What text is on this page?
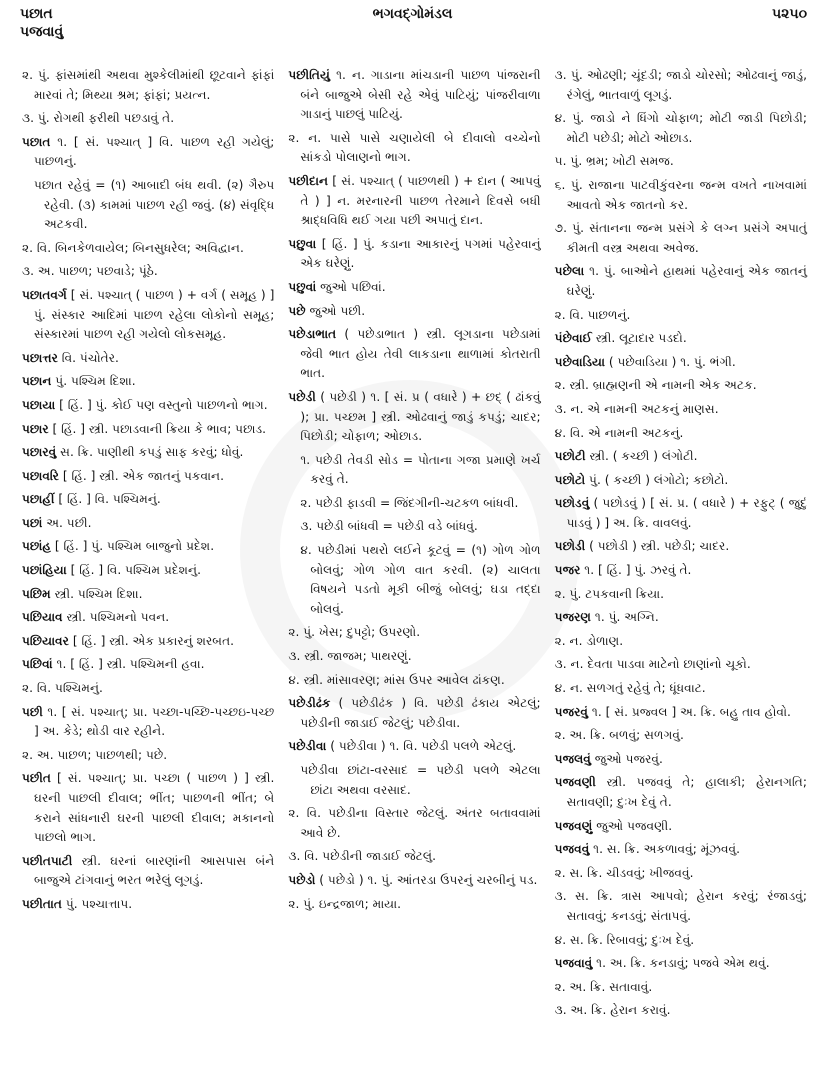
પછાત
પજવાવું
ભગવદ્ગોમંડલ	૫૨૫૦

૨. પું. ફાંસમાંથી અથવા મુશ્કેલીમાંથી છૂટવાને ફાંફાં મારવાં તે; મિથ્યા શ્રમ; ફાંફાં; પ્રયત્ન.

૩. પું. રોગથી ફરીથી પછડાવું તે.

પછાત ૧. [ સં. પશ્ચાત્ ] વિ. પાછળ રહી ગયેલું; પાછળનું.

પછાત રહેવું = (૧) આબાદી બંધ થવી. (૨) ગૈરુપ રહેવી. (૩) કામમાં પાછળ રહી જવું. (૪) સંવૃદ્ધિ અટકવી.

૨. વિ. બિનકેળવાયેલ; બિનસુધરેલ; અવિદ્વાન.

૩. અ. પાછળ; પછવાડે; પૂંઠે.

પછાતવર્ગ [ સં. પશ્ચાત્ ( પાછળ ) + વર્ગ ( સમૂહ ) ] પું. સંસ્કાર આદિમાં પાછળ રહેલા લોકોનો સમૂહ; સંસ્કારમાં પાછળ રહી ગયેલો લોકસમૂહ.

પછાત્તર વિ. પંચોતેર.

પછાન પું. પશ્ચિમ દિશા.

પછાયા [ હિં. ] પું. કોઈ પણ વસ્તુનો પાછળનો ભાગ.

પછાર [ હિં. ] સ્ત્રી. પછાડવાની ક્રિયા કે ભાવ; પછાડ.

પછારવું સ. ક્રિ. પાણીથી કપડું સાફ કરવું; ધોવું.

પછાવરિ [ હિં. ] સ્ત્રી. એક જાતનું પકવાન.

પછાહીં [ હિં. ] વિ. પશ્ચિમનું.

પછાં અ. પછી.

પછાંહ [ હિં. ] પું. પશ્ચિમ બાજુનો પ્રદેશ.

પછાંહિયા [ હિં. ] વિ. પશ્ચિમ પ્રદેશનું.

પછિમ સ્ત્રી. પશ્ચિમ દિશા.

પછિયાવ સ્ત્રી. પશ્ચિમનો પવન.

પછિયાવર [ હિં. ] સ્ત્રી. એક પ્રકારનું શરબત.

પછિવાં ૧. [ હિં. ] સ્ત્રી. પશ્ચિમની હવા.

૨. વિ. પશ્ચિમનું.

પછી ૧. [ સં. પશ્ચાત્; પ્રા. પચ્છા-પચ્છિ-પચ્છઇ-પચ્છ ] અ. કેડે; થોડી વાર રહીને.

૨. અ. પાછળ; પાછળથી; પછે.

પછીત [ સં. પશ્ચાત્; પ્રા. પચ્છા ( પાછળ ) ] સ્ત્રી. ઘરની પાછલી દીવાલ; ભીંત; પાછળની ભીંત; બે કરાને સાંધનારી ઘરની પાછલી દીવાલ; મકાનનો પાછલો ભાગ.

પછીતપાટી સ્ત્રી. ઘરનાં બારણાંની આસપાસ બંને બાજુએ ટાંગવાનું ભરત ભરેલું લૂગડું.

પછીતાત પું. પશ્ચાત્તાપ.

પછીતિયું ૧. ન. ગાડાના માંચડાની પાછળ પાંજરાની બંને બાજુએ બેસી રહે એવું પાટિયું; પાંજરીવાળા ગાડાનું પાછલું પાટિયું.

૨. ન. પાસે પાસે ચણાયેલી બે દીવાલો વચ્ચેનો સાંકડો પોલાણનો ભાગ.

પછીદાન [ સં. પશ્ચાત્ ( પાછળથી ) + દાન ( આપવું તે ) ] ન. મરનારની પાછળ તેરમાને દિવસે બધી શ્રાદ્ધવિધિ થઈ ગયા પછી અપાતું દાન.

પછુવા [ હિં. ] પું. કડાના આકારનું પગમાં પહેરવાનું એક ઘરેણું.

પછુવાં જુઓ પછિવાં.

પછે જુઓ પછી.

પછેડાભાત ( પછેડાભાત ) સ્ત્રી. લૂગડાના પછેડામાં જેવી ભાત હોય તેવી લાકડાના થાળામાં કોતરાતી ભાત.

પછેડી ( પછેડી ) ૧. [ સં. પ્ર ( વધારે ) + છદ્ ( ઢાંકવું ); પ્રા. પચ્છમ ] સ્ત્રી. ઓઢવાનું જાડું કપડું; ચાદર; પિછોડી; ચોફાળ; ઓછાડ.

૧. પછેડી તેવડી સોડ = પોતાના ગજા પ્રમાણે ખર્ચ કરવું તે.

૨. પછેડી ફાડવી = જિંદગીની-ચટકળ બાંધવી.

૩. પછેડી બાંધવી = પછેડી વડે બાંધવું.

૪. પછેડીમાં પથરો લઈને કૂટવું = (૧) ગોળ ગોળ બોલવું; ગોળ ગોળ વાત કરવી. (૨) ચાલતા વિષયને પડતો મૂકી બીજું બોલવું; ઘડા તદ્દા બોલવું.

૨. પું. ખેસ; દુપટ્ટો; ઉપરણો.

૩. સ્ત્રી. જાજમ; પાથરણું.

૪. સ્ત્રી. માંસાવરણ; માંસ ઉપર આવેલ ઢાંકણ.

પછેડીઢંક ( પછેડીઢંક ) વિ. પછેડી ઢંકાય એટલું; પછેડીની જાડાઈ જેટલું; પછેડીવા.

પછેડીવા ( પછેડીવા ) ૧. વિ. પછેડી પલળે એટલું.

પછેડીવા છાંટા-વરસાદ = પછેડી પલળે એટલા છાંટા અથવા વરસાદ.

૨. વિ. પછેડીના વિસ્તાર જેટલું. અંતર બતાવવામાં આવે છે.

૩. વિ. પછેડીની જાડાઈ જેટલું.

પછેડો ( પછેડો ) ૧. પું. આંતરડા ઉપરનું ચરબીનું પડ.

૨. પું. ઇન્દ્રજાળ; માયા.

૩. પું. ઓઢણી; ચૂંદડી; જાડો ચોરસો; ઓઢવાનું જાડું, રંગેલું, ભાતવાળું લૂગડું.

૪. પું. જાડો ને ધિંગો ચોફાળ; મોટી જાડી પિછોડી; મોટી પછેડી; મોટો ઓછાડ.

૫. પું. ભ્રમ; ખોટી સમજ.

૬. પું. રાજાના પાટવીકુંવરના જન્મ વખતે નાખવામાં આવતો એક જાતનો કર.

૭. પું. સંતાનના જન્મ પ્રસંગે કે લગ્ન પ્રસંગે અપાતું કીમતી વસ્ત્ર અથવા અવેજ.

પછેલા ૧. પું. બાઓને હાથમાં પહેરવાનું એક જાતનું ઘરેણું.

૨. વિ. પાછળનું.

પંછેવાઈ સ્ત્રી. લૂટાદાર પડદો.

પછેવાડિયા ( પછેવાડિયા ) ૧. પું. ભંગી.

૨. સ્ત્રી. બ્રાહ્મણની એ નામની એક અટક.

૩. ન. એ નામની અટકનું માણસ.

૪. વિ. એ નામની અટકનું.

પછોટી સ્ત્રી. ( કચ્છી ) લંગોટી.

પછોટો પું. ( કચ્છી ) લંગોટો; કછોટો.

પછોડવું ( પછોડવું ) [ સં. પ્ર. ( વધારે ) + રફુટ્ ( જુદું પાડવું ) ] અ. ક્રિ. વાવલવું.

પછોડી ( પછોડી ) સ્ત્રી. પછેડી; ચાદર.

પજર ૧. [ હિં. ] પું. ઝરવું તે.

૨. પું. ટપકવાની ક્રિયા.

પજરણ ૧. પું. અગ્નિ.

૨. ન. ડોળાણ.

૩. ન. દેવતા પાડવા માટેનો છાણાંનો ચૂકો.

૪. ન. સળગતું રહેવું તે; ધૂંધવાટ.

પજરવું ૧. [ સં. પ્રજ્વલ ] અ. ક્રિ. બહુ તાવ હોવો.

૨. અ. ક્રિ. બળવું; સળગવું.

પજલવું જુઓ પજરવું.

પજવણી સ્ત્રી. પજવવું તે; હાલાકી; હેરાનગતિ; સતાવણી; દુઃખ દેવું તે.

પજવણું જુઓ પજવણી.

પજવવું ૧. સ. ક્રિ. અકળાવવું; મૂંઝવવું.

૨. સ. ક્રિ. ચીડવવું; ખીજવવું.

૩. સ. ક્રિ. ત્રાસ આપવો; હેરાન કરવું; રંજાડવું; સતાવવું; કનડવું; સંતાપવું.

૪. સ. ક્રિ. રિબાવવું; દુઃખ દેવું.

પજવાવું ૧. અ. ક્રિ. કનડાવું; પજવે એમ થવું.

૨. અ. ક્રિ. સતાવાવું.

૩. અ. ક્રિ. હેરાન કરાવું.
